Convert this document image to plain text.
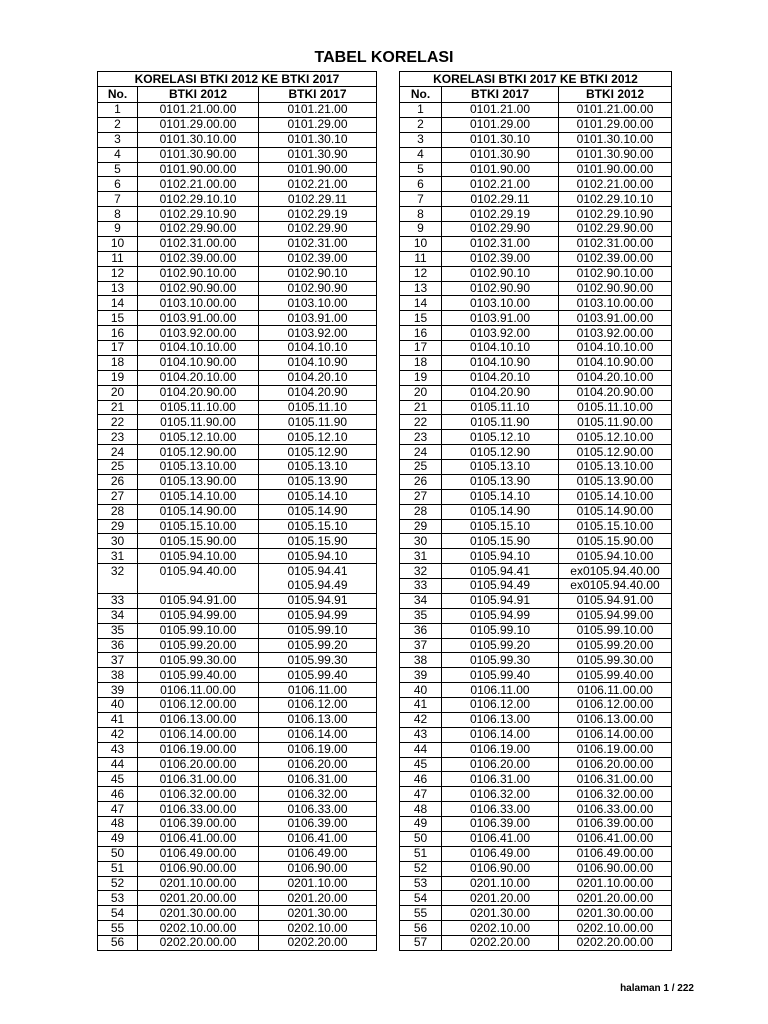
TABEL KORELASI
KORELASI BTKI 2012 KE BTKI 2017		
No.	BTKI 2012	BTKI 2017
1	0101.21.00.00	0101.21.00
2	0101.29.00.00	0101.29.00
3	0101.30.10.00	0101.30.10
4	0101.30.90.00	0101.30.90
5	0101.90.00.00	0101.90.00
6	0102.21.00.00	0102.21.00
7	0102.29.10.10	0102.29.11
8	0102.29.10.90	0102.29.19
9	0102.29.90.00	0102.29.90
10	0102.31.00.00	0102.31.00
11	0102.39.00.00	0102.39.00
12	0102.90.10.00	0102.90.10
13	0102.90.90.00	0102.90.90
14	0103.10.00.00	0103.10.00
15	0103.91.00.00	0103.91.00
16	0103.92.00.00	0103.92.00
17	0104.10.10.00	0104.10.10
18	0104.10.90.00	0104.10.90
19	0104.20.10.00	0104.20.10
20	0104.20.90.00	0104.20.90
21	0105.11.10.00	0105.11.10
22	0105.11.90.00	0105.11.90
23	0105.12.10.00	0105.12.10
24	0105.12.90.00	0105.12.90
25	0105.13.10.00	0105.13.10
26	0105.13.90.00	0105.13.90
27	0105.14.10.00	0105.14.10
28	0105.14.90.00	0105.14.90
29	0105.15.10.00	0105.15.10
30	0105.15.90.00	0105.15.90
31	0105.94.10.00	0105.94.10
32	0105.94.40.00	0105.94.41
0105.94.49

33	0105.94.91.00	0105.94.91
34	0105.94.99.00	0105.94.99
35	0105.99.10.00	0105.99.10
36	0105.99.20.00	0105.99.20
37	0105.99.30.00	0105.99.30
38	0105.99.40.00	0105.99.40
39	0106.11.00.00	0106.11.00
40	0106.12.00.00	0106.12.00
41	0106.13.00.00	0106.13.00
42	0106.14.00.00	0106.14.00
43	0106.19.00.00	0106.19.00
44	0106.20.00.00	0106.20.00
45	0106.31.00.00	0106.31.00
46	0106.32.00.00	0106.32.00
47	0106.33.00.00	0106.33.00
48	0106.39.00.00	0106.39.00
49	0106.41.00.00	0106.41.00
50	0106.49.00.00	0106.49.00
51	0106.90.00.00	0106.90.00
52	0201.10.00.00	0201.10.00
53	0201.20.00.00	0201.20.00
54	0201.30.00.00	0201.30.00
55	0202.10.00.00	0202.10.00
56	0202.20.00.00	0202.20.00
KORELASI BTKI 2017 KE BTKI 2012		
No.	BTKI 2017	BTKI 2012
1	0101.21.00	0101.21.00.00
2	0101.29.00	0101.29.00.00
3	0101.30.10	0101.30.10.00
4	0101.30.90	0101.30.90.00
5	0101.90.00	0101.90.00.00
6	0102.21.00	0102.21.00.00
7	0102.29.11	0102.29.10.10
8	0102.29.19	0102.29.10.90
9	0102.29.90	0102.29.90.00
10	0102.31.00	0102.31.00.00
11	0102.39.00	0102.39.00.00
12	0102.90.10	0102.90.10.00
13	0102.90.90	0102.90.90.00
14	0103.10.00	0103.10.00.00
15	0103.91.00	0103.91.00.00
16	0103.92.00	0103.92.00.00
17	0104.10.10	0104.10.10.00
18	0104.10.90	0104.10.90.00
19	0104.20.10	0104.20.10.00
20	0104.20.90	0104.20.90.00
21	0105.11.10	0105.11.10.00
22	0105.11.90	0105.11.90.00
23	0105.12.10	0105.12.10.00
24	0105.12.90	0105.12.90.00
25	0105.13.10	0105.13.10.00
26	0105.13.90	0105.13.90.00
27	0105.14.10	0105.14.10.00
28	0105.14.90	0105.14.90.00
29	0105.15.10	0105.15.10.00
30	0105.15.90	0105.15.90.00
31	0105.94.10	0105.94.10.00
32	0105.94.41	ex0105.94.40.00
33	0105.94.49	ex0105.94.40.00
34	0105.94.91	0105.94.91.00
35	0105.94.99	0105.94.99.00
36	0105.99.10	0105.99.10.00
37	0105.99.20	0105.99.20.00
38	0105.99.30	0105.99.30.00
39	0105.99.40	0105.99.40.00
40	0106.11.00	0106.11.00.00
41	0106.12.00	0106.12.00.00
42	0106.13.00	0106.13.00.00
43	0106.14.00	0106.14.00.00
44	0106.19.00	0106.19.00.00
45	0106.20.00	0106.20.00.00
46	0106.31.00	0106.31.00.00
47	0106.32.00	0106.32.00.00
48	0106.33.00	0106.33.00.00
49	0106.39.00	0106.39.00.00
50	0106.41.00	0106.41.00.00
51	0106.49.00	0106.49.00.00
52	0106.90.00	0106.90.00.00
53	0201.10.00	0201.10.00.00
54	0201.20.00	0201.20.00.00
55	0201.30.00	0201.30.00.00
56	0202.10.00	0202.10.00.00
57	0202.20.00	0202.20.00.00
halaman 1 / 222
